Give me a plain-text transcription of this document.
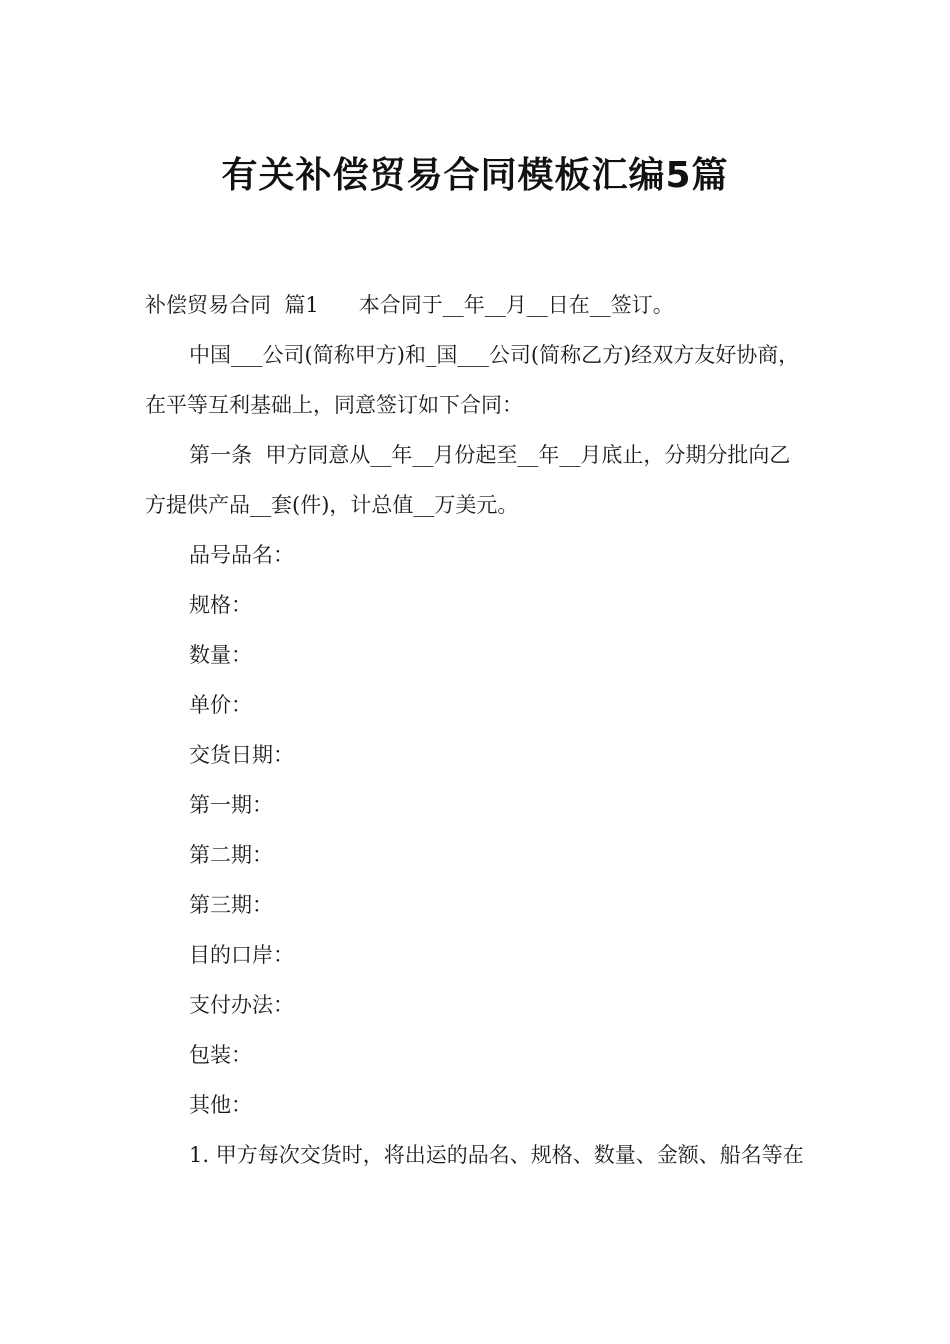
有关补偿贸易合同模板汇编5篇

补偿贸易合同  篇1      本合同于__年__月__日在__签订。

中国___公司(简称甲方)和_国___公司(简称乙方)经双方友好协商，在平等互利基础上，同意签订如下合同：

第一条  甲方同意从__年__月份起至__年__月底止，分期分批向乙方提供产品__套(件)，计总值__万美元。

品号品名：

规格：

数量：

单价：

交货日期：

第一期：

第二期：

第三期：

目的口岸：

支付办法：

包装：

其他：

1. 甲方每次交货时，将出运的品名、规格、数量、金额、船名等在
